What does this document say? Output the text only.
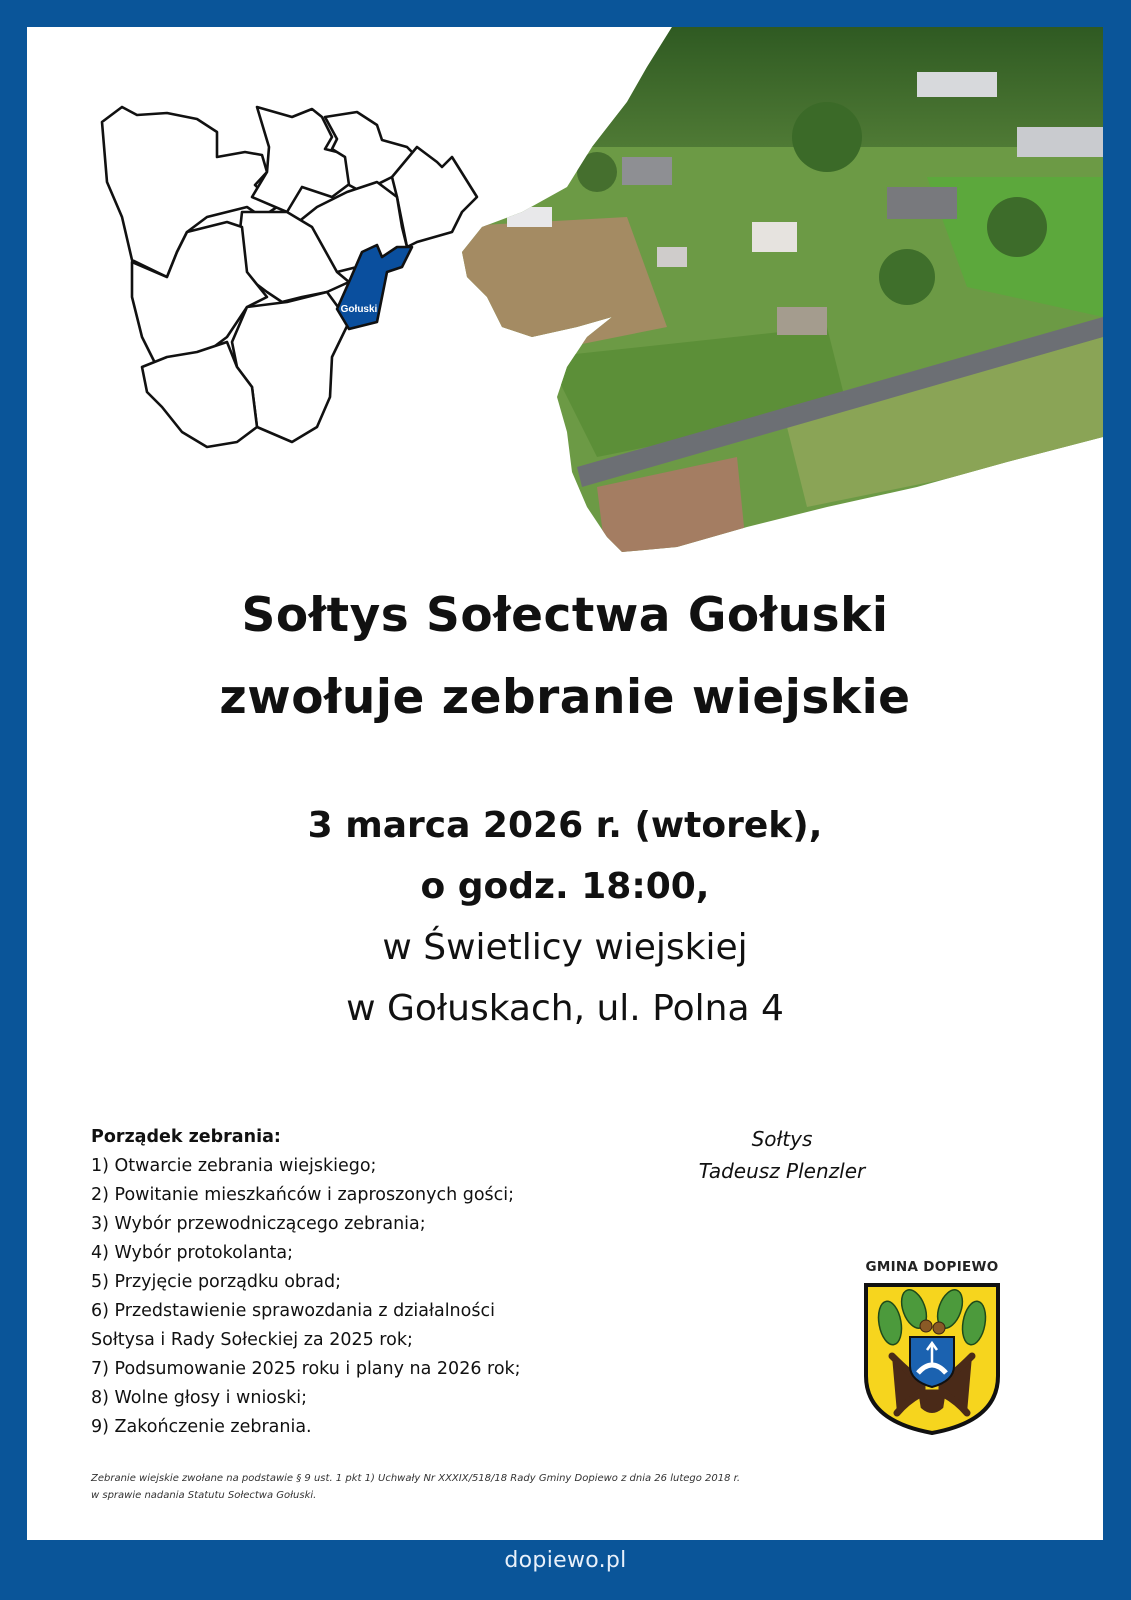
Gołuski
Sołtys Sołectwa Gołuski
zwołuje zebranie wiejskie
3 marca 2026 r. (wtorek),
o godz. 18:00,
w Świetlicy wiejskiej
w Gołuskach, ul. Polna 4
Porządek zebrania:
1) Otwarcie zebrania wiejskiego;
2) Powitanie mieszkańców i zaproszonych gości;
3) Wybór przewodniczącego zebrania;
4) Wybór protokolanta;
5) Przyjęcie porządku obrad;
6) Przedstawienie sprawozdania z działalności
Sołtysa i Rady Sołeckiej za 2025 rok;
7) Podsumowanie 2025 roku i plany na 2026 rok;
8) Wolne głosy i wnioski;
9) Zakończenie zebrania.
Sołtys
Tadeusz Plenzler
GMINA DOPIEWO
Zebranie wiejskie zwołane na podstawie § 9 ust. 1 pkt 1) Uchwały Nr XXXIX/518/18 Rady Gminy Dopiewo z dnia 26 lutego 2018 r.
w sprawie nadania Statutu Sołectwa Gołuski.
dopiewo.pl
